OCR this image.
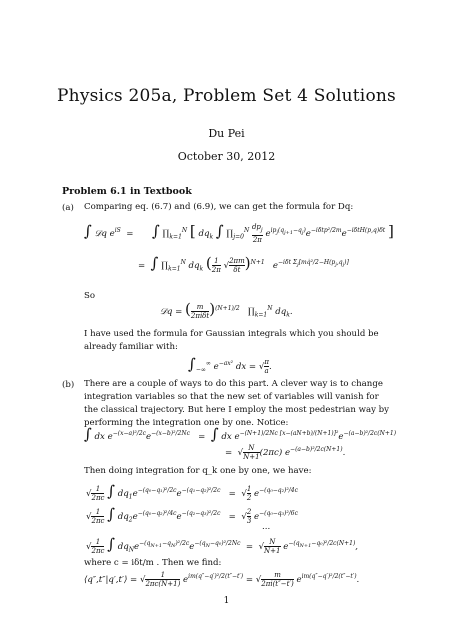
Physics 205a, Problem Set 4 Solutions
Du Pei
October 30, 2012
Problem 6.1 in Textbook
(a) Comparing eq. (6.7) and (6.9), we can get the formula for Dq:
∫ 𝒟q $e^{iS}$  = ∫ $\prod_{k=1}^N$ [ $dq_k$ ∫ $\prod_{j=0}^N \frac{dp_j}{2\pi} e^{ip_j(q_{j+1}-q_j)}e^{-i\delta tp^2/2m}e^{-i\delta tH(p,q)\delta t}$ ]
=  ∫ $\prod_{k=1}^N$ $dq_k$ ( $\frac{1}{2\pi}$ √ $\frac{2\pi m}{\delta t} )^{N+1}$   $e^{-i\delta t \Sigma_j[mq̇^2/2-H(p_j,q_j)]}$
So
𝒟q = ( $\frac{m}{\text{2πiδt}} )^{(N+1)/2}$   $\prod_{k=1}^N$ $dq_k$.
I have used the formula for Gaussian integrals which you should be already familiar with:
$\int_{-\infty}^\infty$ $e^{-ax^2}$ dx = √ $\frac{\pi}{a}$ .
(b) There are a couple of ways to do this part. A clever way is to change integration variables so that the new set of variables will vanish for the classical trajectory. But here I employ the most pedestrian way by performing the integration one by one. Notice:
∫ dx $e^{-(x-a)^2/2c}e^{-(x-b)^2/2Nc}$   =  ∫ dx $e^{-(N+1)/2Nc [x-(aN+b)/(N+1)]^2}e^{-(a-b)^2/2c(N+1)}$
=  √ $\frac{N}{N+1} (2\pi c)$ $e^{-(a-b)^2/2c(N+1)}$.
Then doing integration for q_k one by one, we have:
√ $\frac{1}{2\pi c}$ ∫ $dq_1e^{-(q_0-q_1)^2/2c}e^{-(q_1-q_2)^2/2c}$   =  √ $\frac{1}{2} e^{-(q_0-q_2)^2/4c}$
√ $\frac{1}{2\pi c}$ ∫ $dq_2e^{-(q_0-q_2)^2/4c}e^{-(q_2-q_3)^2/2c}$   =  √ $\frac{2}{3} e^{-(q_0-q_3)^2/6c}$
...
√ $\frac{1}{2\pi c}$ ∫ $dq_Ne^{-(q_{N+1}-q_N)^2/2c}e^{-(q_N-q_0)^2/2Nc}$  =  √ $\frac{N}{N+1} e^{-(q_{N+1}-q_0)^2/2c(N+1)}$,
where c = iδt/m . Then we find:
⟨q″,t″|q′,t′⟩ = √ $\frac{1}{2\pi c(N+1)} e^{im(q''-q')^2/2(t''-t')}$ = √ $\frac{m}{2\pi i(t''-t')} e^{im(q''-q')^2/2(t''-t')}$.
1
